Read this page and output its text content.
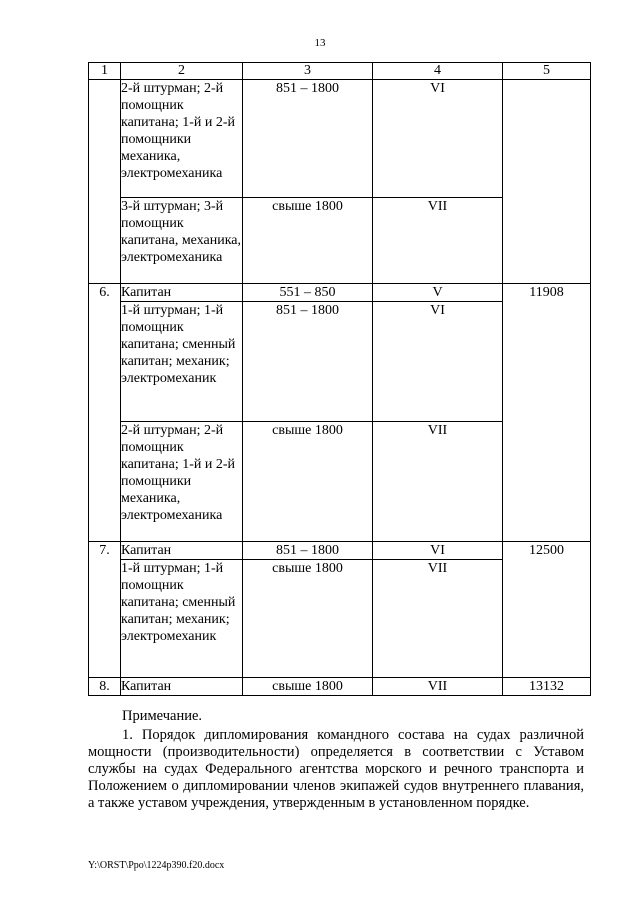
13
1	2	3	4	5
	2-й штурман; 2-й помощник капитана; 1-й и 2-й помощники механика, электромеханика	851 – 1800	VI	
	3-й штурман; 3-й помощник капитана, механика, электромеханика	свыше 1800	VII	
6.	Капитан	551 – 850	V	11908
	1-й штурман; 1-й помощник капитана; сменный капитан; механик; электромеханик	851 – 1800	VI	
	2-й штурман; 2-й помощник капитана; 1-й и 2-й помощники механика, электромеханика	свыше 1800	VII	
7.	Капитан	851 – 1800	VI	12500
	1-й штурман; 1-й помощник капитана; сменный капитан; механик; электромеханик	свыше 1800	VII	
8.	Капитан	свыше 1800	VII	13132

Примечание.

1. Порядок дипломирования командного состава на судах различной мощности (производительности) определяется в соответствии с Уставом службы на судах Федерального агентства морского и речного транспорта и Положением о дипломировании членов экипажей судов внутреннего плавания, а также уставом учреждения, утвержденным в установленном порядке.

Y:\ORST\Ppo\1224p390.f20.docx
